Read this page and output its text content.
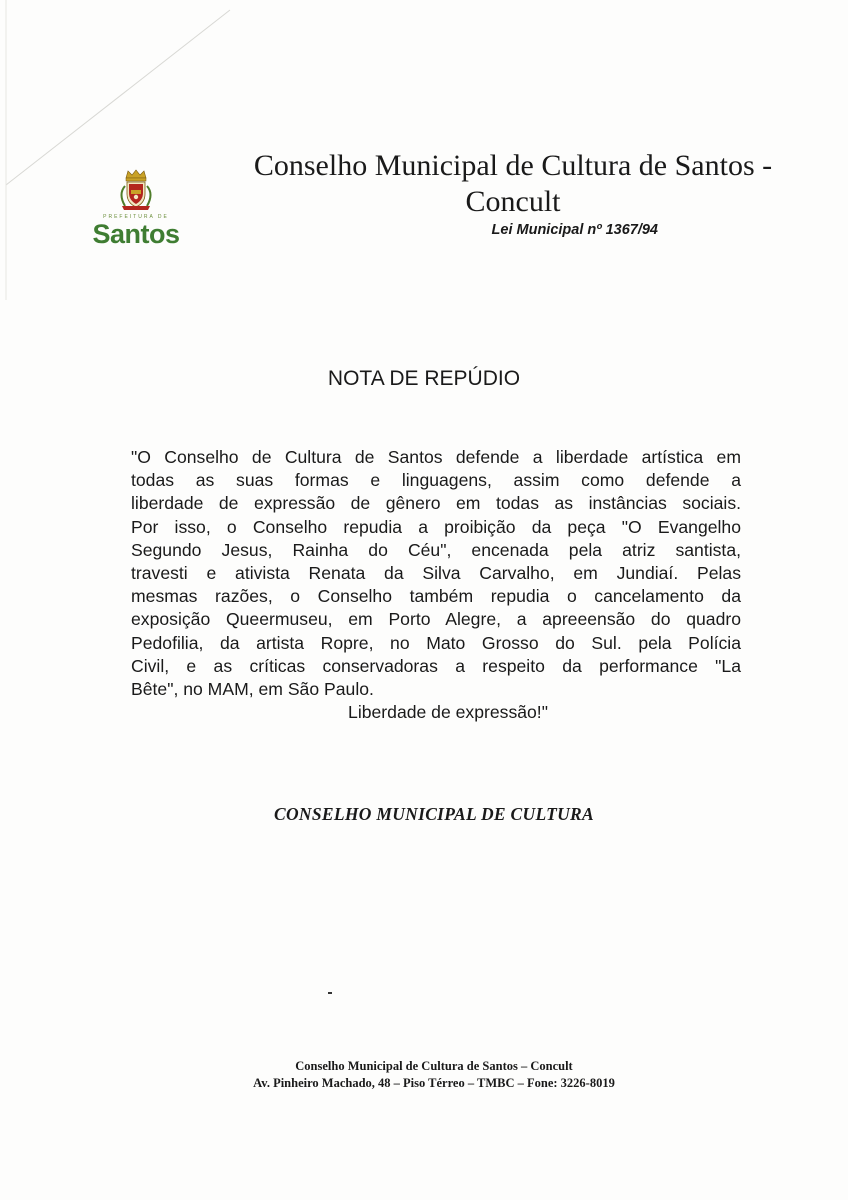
PREFEITURA DE
Santos
Conselho Municipal de Cultura de Santos -
Concult
Lei Municipal nº 1367/94
NOTA DE REPÚDIO
"O Conselho de Cultura de Santos defende a liberdade artística em
todas as suas formas e linguagens, assim como defende a
liberdade de expressão de gênero em todas as instâncias sociais.
Por isso, o Conselho repudia a proibição da peça "O Evangelho
Segundo Jesus, Rainha do Céu", encenada pela atriz santista,
travesti e ativista Renata da Silva Carvalho, em Jundiaí. Pelas
mesmas razões, o Conselho também repudia o cancelamento da
exposição Queermuseu, em Porto Alegre, a apreeensão do quadro
Pedofilia, da artista Ropre, no Mato Grosso do Sul. pela Polícia
Civil, e as críticas conservadoras a respeito da performance "La
Bête", no MAM, em São Paulo.
Liberdade de expressão!"
CONSELHO MUNICIPAL DE CULTURA
Conselho Municipal de Cultura de Santos – Concult
Av. Pinheiro Machado, 48 – Piso Térreo – TMBC – Fone: 3226-8019
